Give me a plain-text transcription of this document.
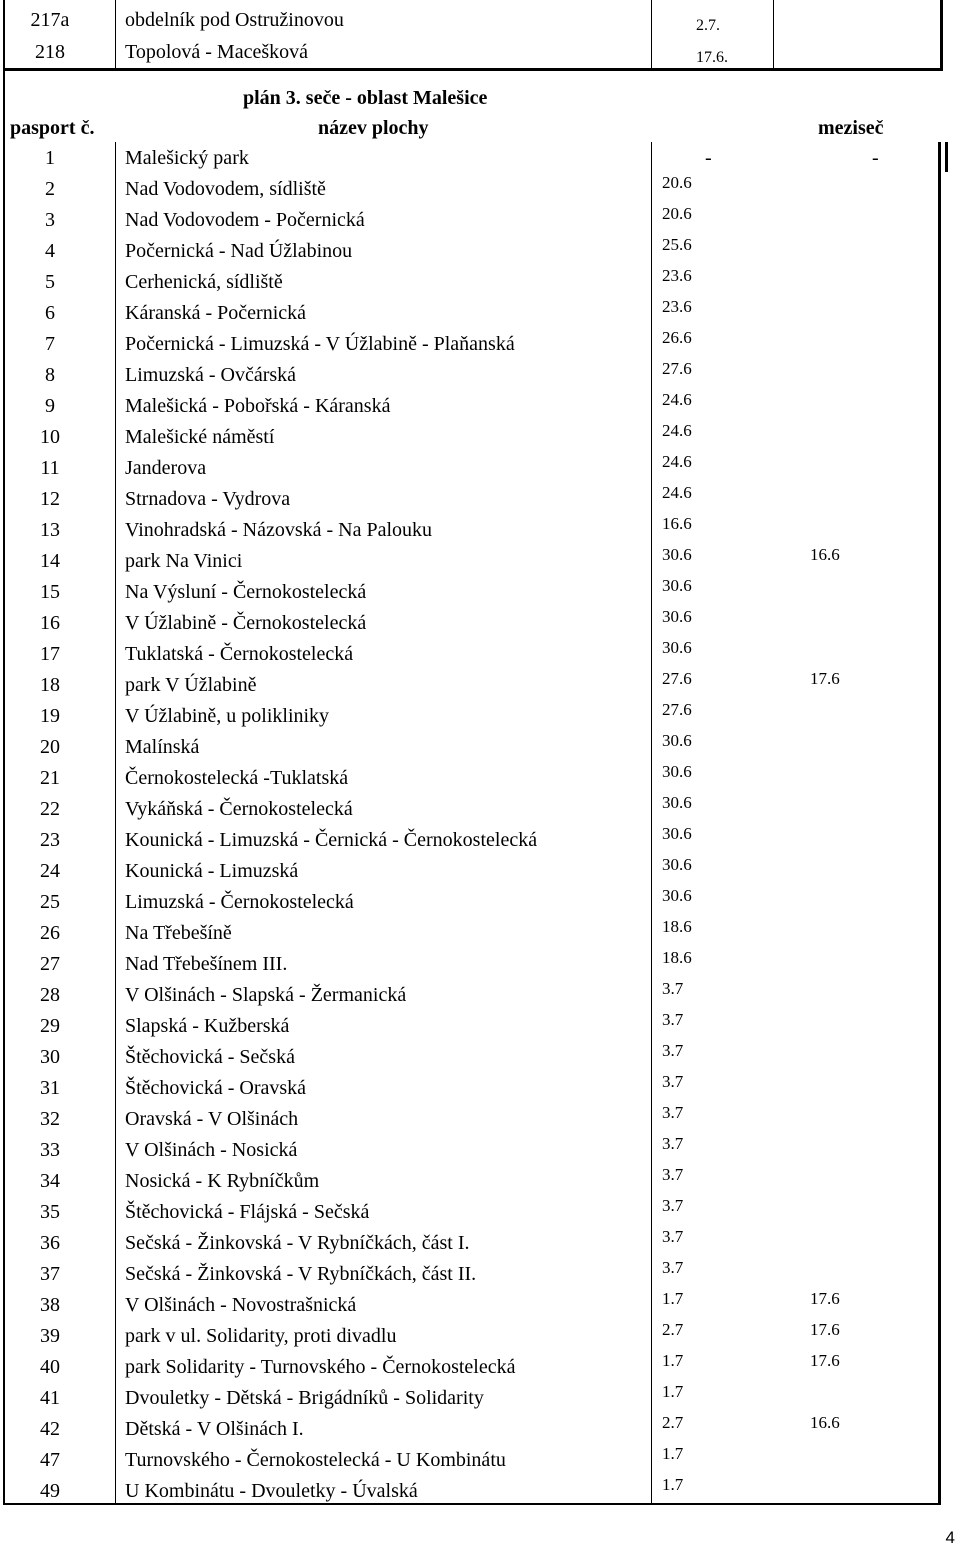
217a	obdelník pod Ostružinovou	2.7.
218	Topolová - Macešková	17.6.
plán 3. seče - oblast Malešice
pasport č.	název plochy	meziseč
1	Malešický park	-	-
2	Nad Vodovodem, sídliště	20.6
3	Nad Vodovodem - Počernická	20.6
4	Počernická - Nad Úžlabinou	25.6
5	Cerhenická, sídliště	23.6
6	Káranská - Počernická	23.6
7	Počernická - Limuzská - V Úžlabině - Plaňanská	26.6
8	Limuzská - Ovčárská	27.6
9	Malešická - Pobořská - Káranská	24.6
10	Malešické náměstí	24.6
11	Janderova	24.6
12	Strnadova - Vydrova	24.6
13	Vinohradská - Názovská - Na Palouku	16.6
14	park Na Vinici	30.6	16.6
15	Na Výsluní - Černokostelecká	30.6
16	V Úžlabině - Černokostelecká	30.6
17	Tuklatská - Černokostelecká	30.6
18	park V Úžlabině	27.6	17.6
19	V Úžlabině, u polikliniky	27.6
20	Malínská	30.6
21	Černokostelecká -Tuklatská	30.6
22	Vykáňská - Černokostelecká	30.6
23	Kounická - Limuzská - Černická - Černokostelecká	30.6
24	Kounická - Limuzská	30.6
25	Limuzská - Černokostelecká	30.6
26	Na Třebešíně	18.6
27	Nad Třebešínem III.	18.6
28	V Olšinách - Slapská - Žermanická	3.7
29	Slapská - Kužberská	3.7
30	Štěchovická - Sečská	3.7
31	Štěchovická - Oravská	3.7
32	Oravská - V Olšinách	3.7
33	V Olšinách - Nosická	3.7
34	Nosická - K Rybníčkům	3.7
35	Štěchovická - Flájská - Sečská	3.7
36	Sečská - Žinkovská - V Rybníčkách, část I.	3.7
37	Sečská - Žinkovská - V Rybníčkách, část II.	3.7
38	V Olšinách - Novostrašnická	1.7	17.6
39	park v ul. Solidarity, proti divadlu	2.7	17.6
40	park Solidarity - Turnovského - Černokostelecká	1.7	17.6
41	Dvouletky - Dětská - Brigádníků - Solidarity	1.7
42	Dětská - V Olšinách I.	2.7	16.6
47	Turnovského - Černokostelecká - U Kombinátu	1.7
49	U Kombinátu - Dvouletky - Úvalská	1.7
4
